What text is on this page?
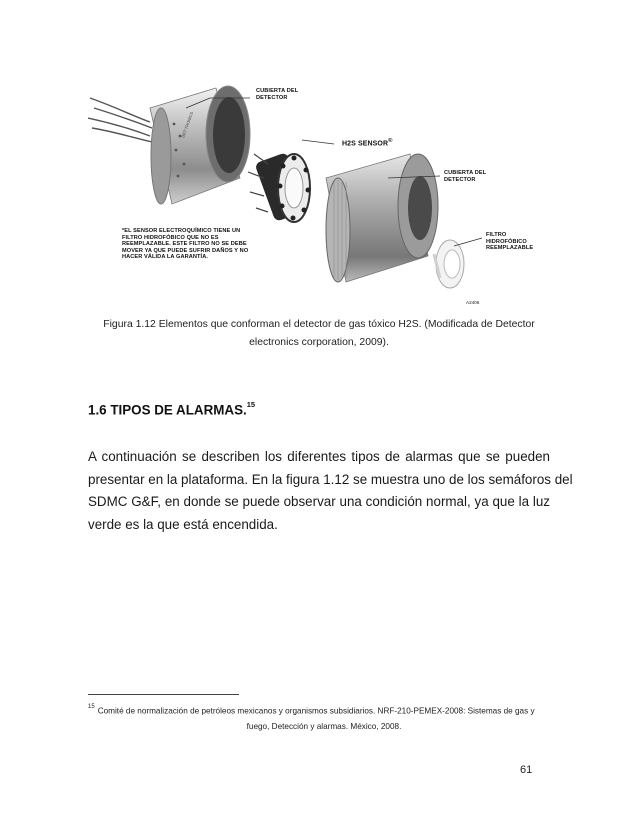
DET-TRONICS
CUBIERTA DEL
DETECTOR
H2S SENSOR®
CUBIERTA DEL
DETECTOR
FILTRO
HIDROFÓBICO
REEMPLAZABLE
*EL SENSOR ELECTROQUÍMICO TIENE UN
FILTRO HIDROFÓBICO QUE NO ES
REEMPLAZABLE. ESTE FILTRO NO SE DEBE
MOVER YA QUE PUEDE SUFRIR DAÑOS Y NO
HACER VÁLIDA LA GARANTÍA.
A2406
Figura 1.12 Elementos que conforman el detector de gas tóxico H2S. (Modificada de Detector
electronics corporation, 2009).
1.6 TIPOS DE ALARMAS.$^{15}$
A continuación se describen los diferentes tipos de alarmas que se pueden
presentar en la plataforma. En la figura 1.12 se muestra uno de los semáforos del
SDMC G&F, en donde se puede observar una condición normal, ya que la luz
verde es la que está encendida.
$^{15}$ Comité de normalización de petróleos mexicanos y organismos subsidiarios. NRF-210-PEMEX-2008: Sistemas de gas y
fuego, Detección y alarmas. México, 2008.
61
